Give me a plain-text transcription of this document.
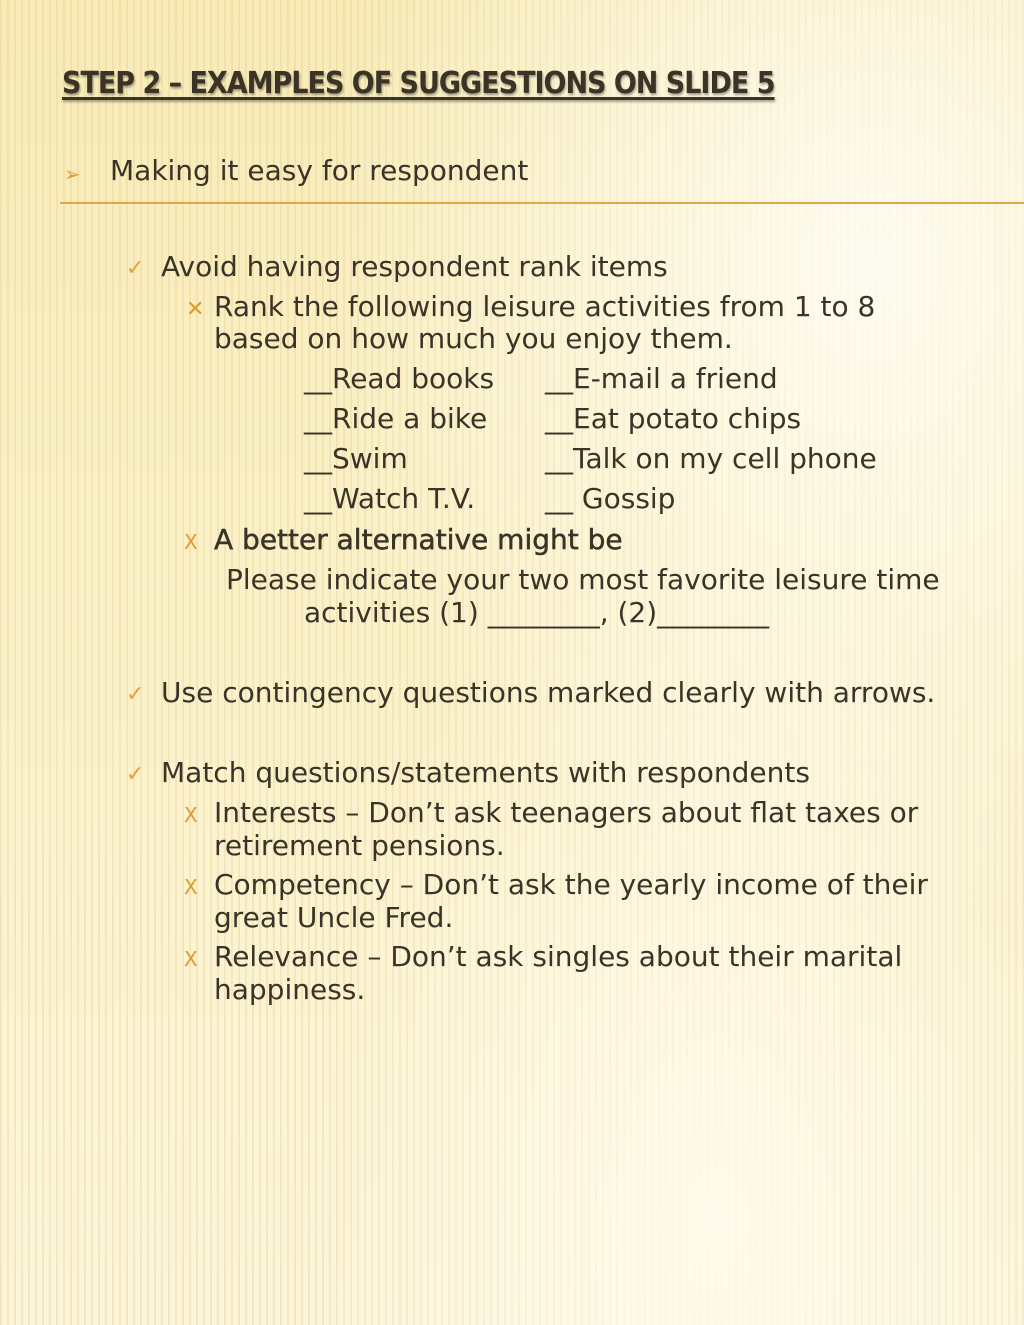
STEP 2 – EXAMPLES OF SUGGESTIONS ON SLIDE 5
➢ Making it easy for respondent
✓ Avoid having respondent rank items
✕ Rank the following leisure activities from 1 to 8
based on how much you enjoy them.
__Read books
__Ride a bike
__Swim
__Watch T.V.
__E-mail a friend
__Eat potato chips
__Talk on my cell phone
__ Gossip
X A better alternative might be
Please indicate your two most favorite leisure time
activities (1) ________, (2)________
✓ Use contingency questions marked clearly with arrows.
✓ Match questions/statements with respondents
X Interests – Don’t ask teenagers about flat taxes or
retirement pensions.
X Competency – Don’t ask the yearly income of their
great Uncle Fred.
X Relevance – Don’t ask singles about their marital
happiness.
